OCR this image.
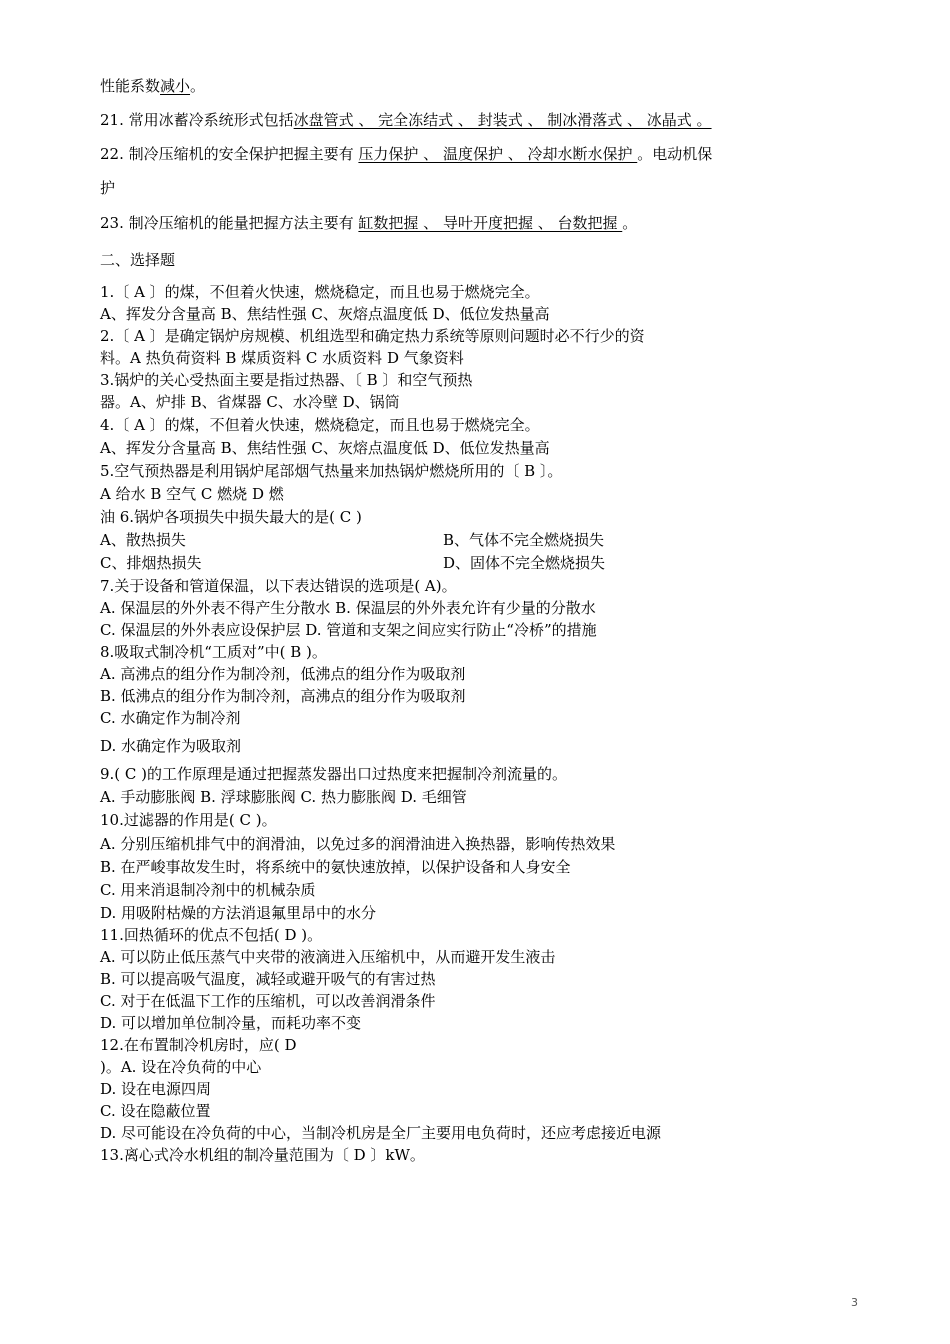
性能系数减小。
21. 常用冰蓄冷系统形式包括冰盘管式 、 完全冻结式 、 封装式 、 制冰滑落式 、 冰晶式 。
22. 制冷压缩机的安全保护把握主要有 压力保护 、 温度保护 、 冷却水断水保护 。电动机保
护
23. 制冷压缩机的能量把握方法主要有 缸数把握 、 导叶开度把握 、 台数把握 。
二、选择题
1.〔 A 〕的煤，不但着火快速，燃烧稳定，而且也易于燃烧完全。
A、挥发分含量高 B、焦结性强 C、灰熔点温度低 D、低位发热量高
2.〔 A 〕是确定锅炉房规模、机组选型和确定热力系统等原则问题时必不行少的资
料。A 热负荷资料 B 煤质资料 C 水质资料 D 气象资料
3.锅炉的关心受热面主要是指过热器、〔 B 〕和空气预热
器。A、炉排 B、省煤器 C、水冷壁 D、锅筒
4.〔 A 〕的煤，不但着火快速，燃烧稳定，而且也易于燃烧完全。
A、挥发分含量高 B、焦结性强 C、灰熔点温度低 D、低位发热量高
5.空气预热器是利用锅炉尾部烟气热量来加热锅炉燃烧所用的〔 B 〕。
A 给水 B 空气 C 燃烧 D 燃
油 6.锅炉各项损失中损失最大的是( C )
A、散热损失	B、气体不完全燃烧损失
C、排烟热损失	D、固体不完全燃烧损失
7.关于设备和管道保温，以下表达错误的选项是( A)。
A. 保温层的外外表不得产生分散水 B. 保温层的外外表允许有少量的分散水
C. 保温层的外外表应设保护层 D. 管道和支架之间应实行防止“冷桥”的措施
8.吸取式制冷机“工质对”中( B )。
A. 高沸点的组分作为制冷剂，低沸点的组分作为吸取剂
B. 低沸点的组分作为制冷剂，高沸点的组分作为吸取剂
C. 水确定作为制冷剂
D. 水确定作为吸取剂
9.( C )的工作原理是通过把握蒸发器出口过热度来把握制冷剂流量的。
A. 手动膨胀阀 B. 浮球膨胀阀 C. 热力膨胀阀 D. 毛细管
10.过滤器的作用是( C )。
A. 分别压缩机排气中的润滑油，以免过多的润滑油进入换热器，影响传热效果
B. 在严峻事故发生时，将系统中的氨快速放掉，以保护设备和人身安全
C. 用来消退制冷剂中的机械杂质
D. 用吸附枯燥的方法消退氟里昂中的水分
11.回热循环的优点不包括( D )。
A. 可以防止低压蒸气中夹带的液滴进入压缩机中，从而避开发生液击
B. 可以提高吸气温度，减轻或避开吸气的有害过热
C. 对于在低温下工作的压缩机，可以改善润滑条件
D. 可以增加单位制冷量，而耗功率不变
12.在布置制冷机房时，应( D
)。A. 设在冷负荷的中心
D. 设在电源四周
C. 设在隐蔽位置
D. 尽可能设在冷负荷的中心，当制冷机房是全厂主要用电负荷时，还应考虑接近电源
13.离心式冷水机组的制冷量范围为〔 D 〕kW。
3
